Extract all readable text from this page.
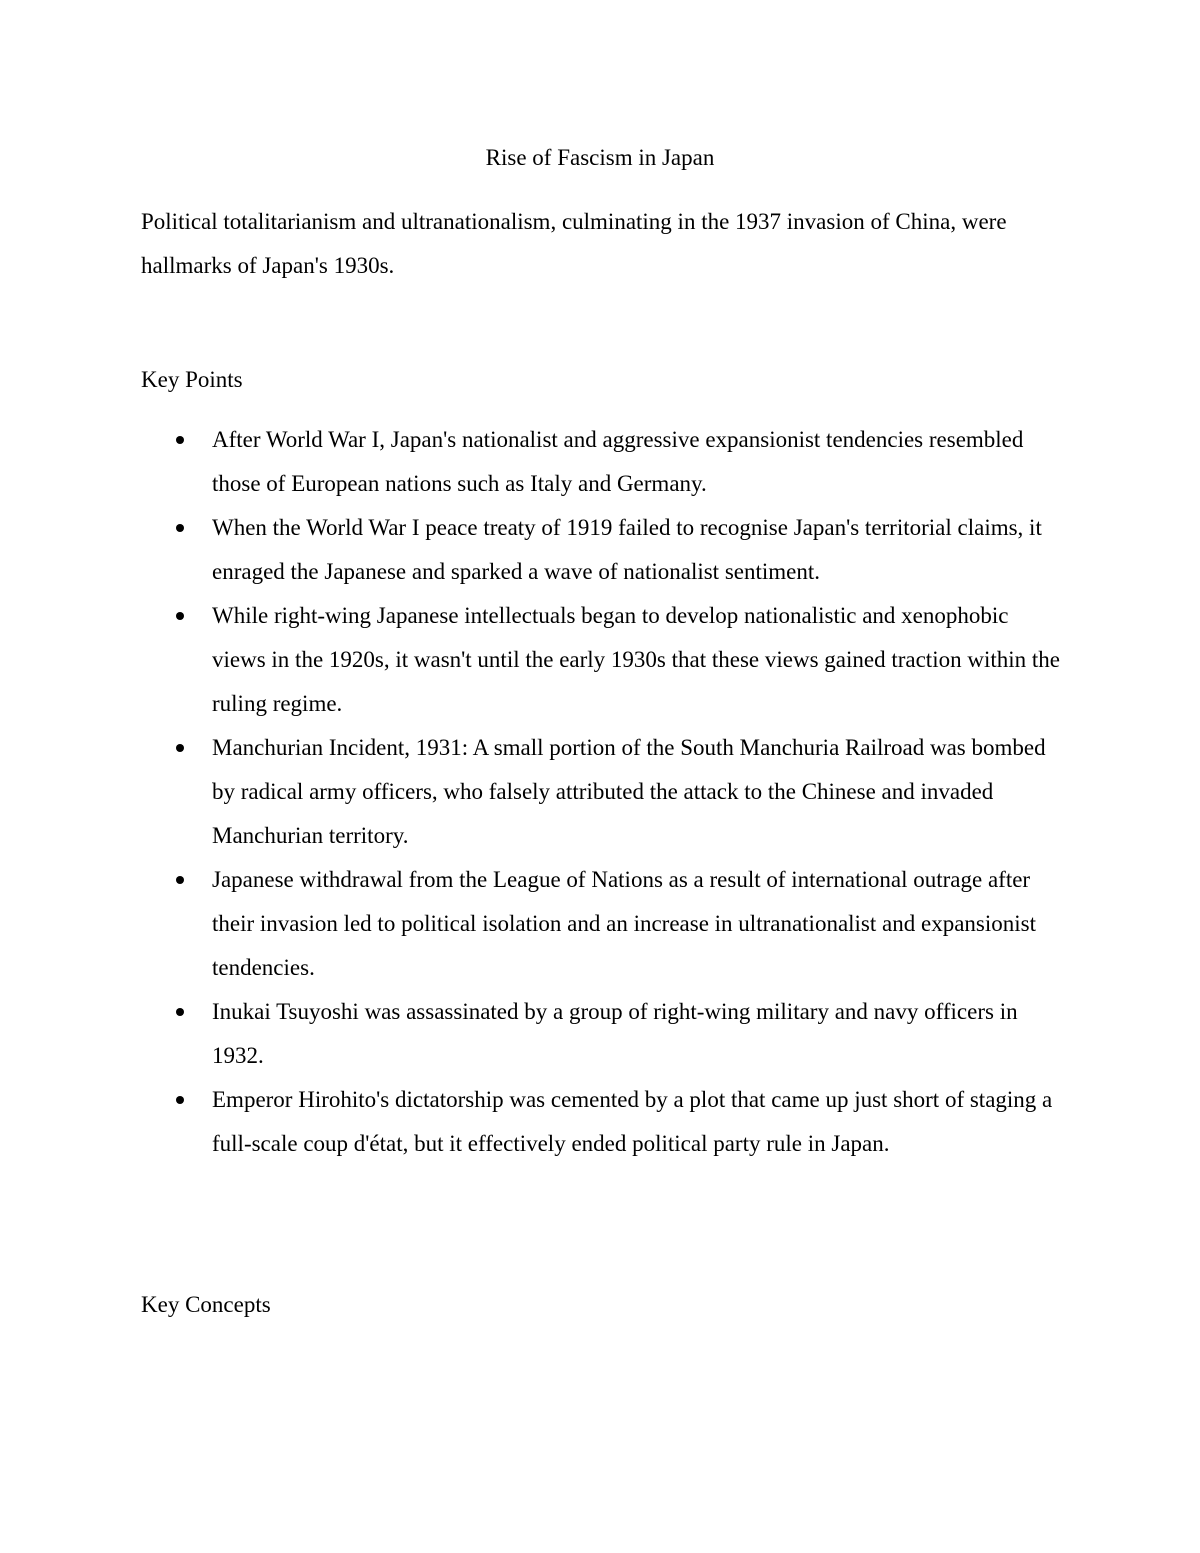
Rise of Fascism in Japan

Political totalitarianism and ultranationalism, culminating in the 1937 invasion of China, were hallmarks of Japan's 1930s.

Key Points
After World War I, Japan's nationalist and aggressive expansionist tendencies resembled those of European nations such as Italy and Germany.
When the World War I peace treaty of 1919 failed to recognise Japan's territorial claims, it enraged the Japanese and sparked a wave of nationalist sentiment.
While right-wing Japanese intellectuals began to develop nationalistic and xenophobic views in the 1920s, it wasn't until the early 1930s that these views gained traction within the ruling regime.
Manchurian Incident, 1931: A small portion of the South Manchuria Railroad was bombed by radical army officers, who falsely attributed the attack to the Chinese and invaded Manchurian territory.
Japanese withdrawal from the League of Nations as a result of international outrage after their invasion led to political isolation and an increase in ultranationalist and expansionist tendencies.
Inukai Tsuyoshi was assassinated by a group of right-wing military and navy officers in 1932.
Emperor Hirohito's dictatorship was cemented by a plot that came up just short of staging a full-scale coup d'état, but it effectively ended political party rule in Japan.
Key Concepts
